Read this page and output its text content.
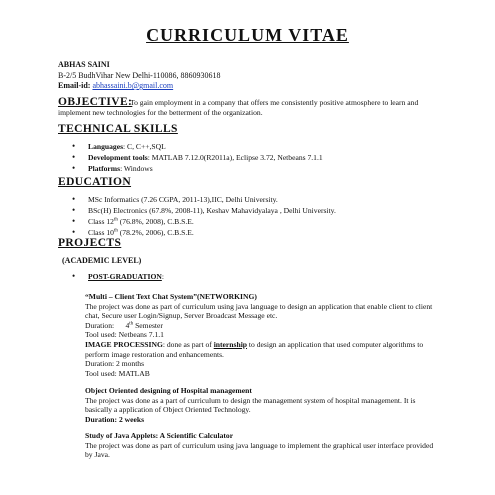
CURRICULUM VITAE
ABHAS SAINI
B-2/5 BudhVihar New Delhi-110086, 8860930618
Email-id: abhassaini.b@gmail.com
OBJECTIVE:
To gain employment in a company that offers me consistently positive atmosphere to learn and implement new technologies for the betterment of the organization.
TECHNICAL SKILLS
• Languages: C, C++,SQL
• Development tools: MATLAB 7.12.0(R2011a), Eclipse 3.72, Netbeans 7.1.1
• Platforms: Windows
EDUCATION
• MSc Informatics (7.26 CGPA, 2011-13),IIC, Delhi University.
• BSc(H) Electronics (67.8%, 2008-11), Keshav Mahavidyalaya , Delhi University.
• Class 12th (76.8%, 2008), C.B.S.E.
• Class 10th (78.2%, 2006), C.B.S.E.
PROJECTS
(ACADEMIC LEVEL)
• POST-GRADUATION:
“Multi – Client Text Chat System”(NETWORKING)
The project was done as part of curriculum using java language to design an application that enable client to client chat, Secure user Login/Signup, Server Broadcast Message etc.
Duration: 4th Semester
Tool used: Netbeans 7.1.1
IMAGE PROCESSING: done as part of internship to design an application that used computer algorithms to perform image restoration and enhancements.
Duration: 2 months
Tool used: MATLAB
Object Oriented designing of Hospital management
The project was done as a part of curriculum to design the management system of hospital management. It is basically a application of Object Oriented Technology.
Duration: 2 weeks
Study of Java Applets: A Scientific Calculator
The project was done as part of curriculum using java language to implement the graphical user interface provided by Java.
